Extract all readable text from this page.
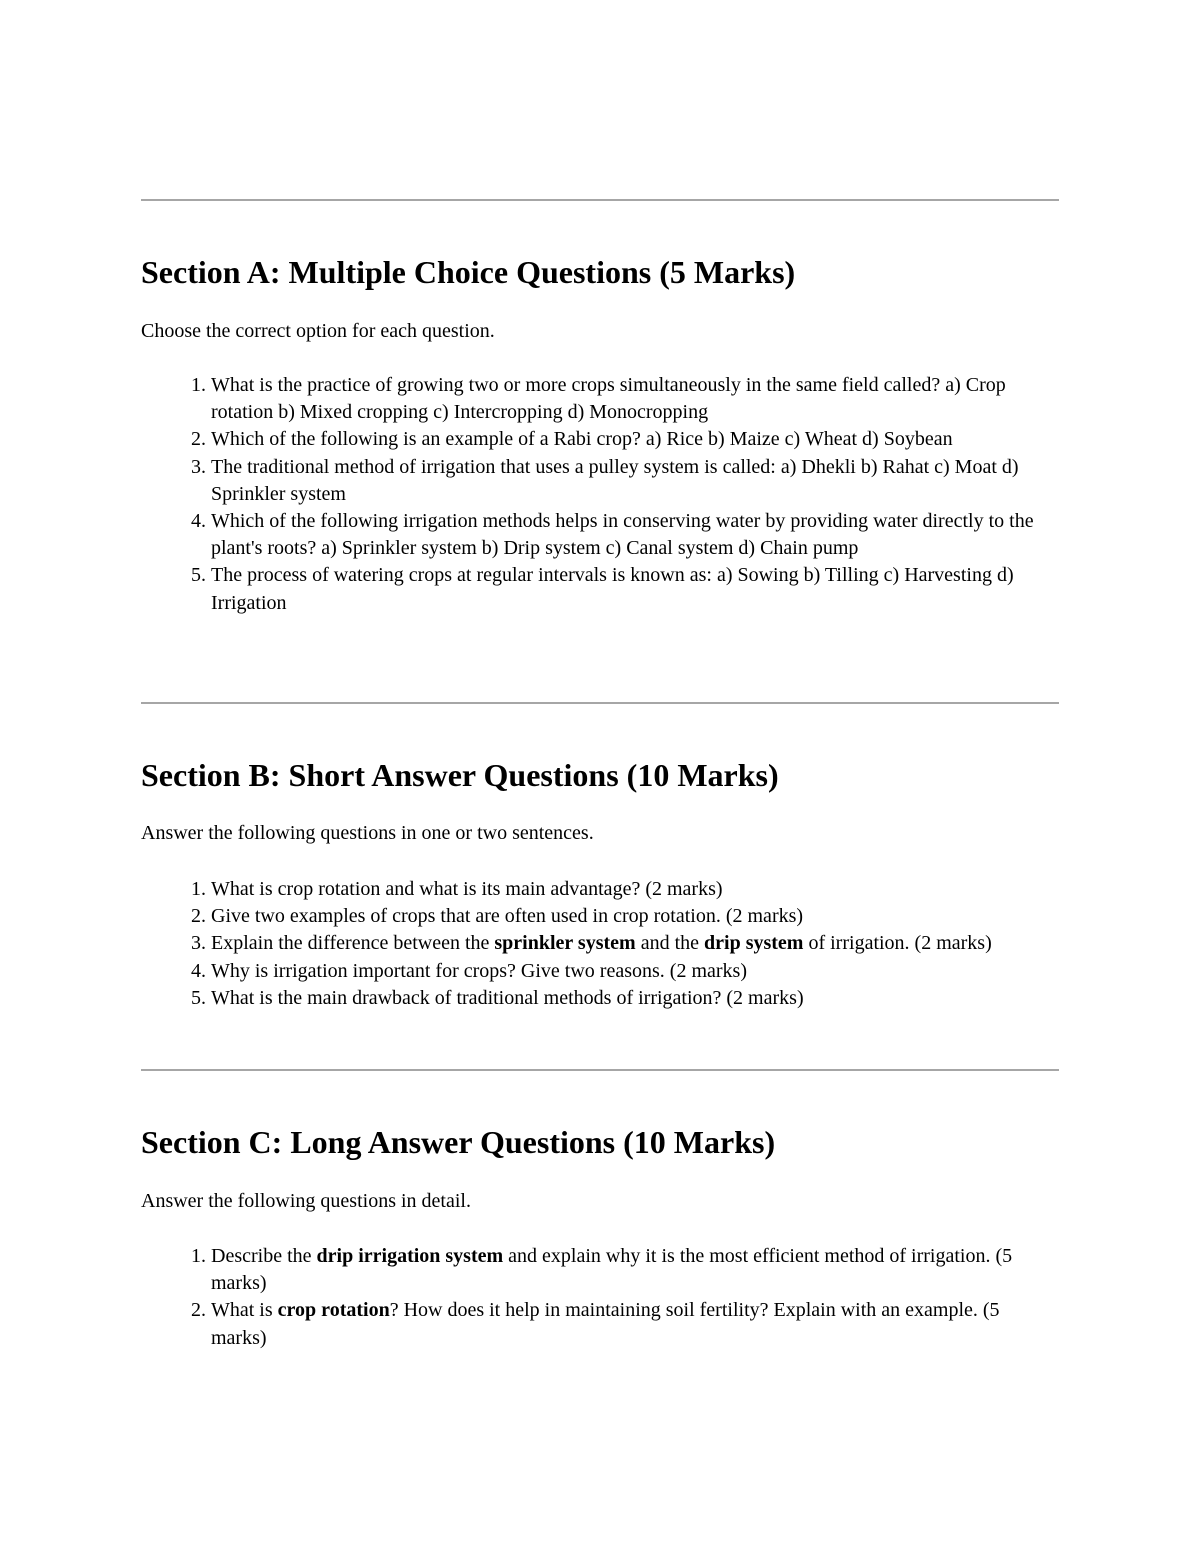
Section A: Multiple Choice Questions (5 Marks)

Choose the correct option for each question.

1. What is the practice of growing two or more crops simultaneously in the same field called? a) Crop rotation b) Mixed cropping c) Intercropping d) Monocropping
2. Which of the following is an example of a Rabi crop? a) Rice b) Maize c) Wheat d) Soybean
3. The traditional method of irrigation that uses a pulley system is called: a) Dhekli b) Rahat c) Moat d) Sprinkler system
4. Which of the following irrigation methods helps in conserving water by providing water directly to the plant's roots? a) Sprinkler system b) Drip system c) Canal system d) Chain pump
5. The process of watering crops at regular intervals is known as: a) Sowing b) Tilling c) Harvesting d) Irrigation
Section B: Short Answer Questions (10 Marks)

Answer the following questions in one or two sentences.

1. What is crop rotation and what is its main advantage? (2 marks)
2. Give two examples of crops that are often used in crop rotation. (2 marks)
3. Explain the difference between the sprinkler system and the drip system of irrigation. (2 marks)
4. Why is irrigation important for crops? Give two reasons. (2 marks)
5. What is the main drawback of traditional methods of irrigation? (2 marks)
Section C: Long Answer Questions (10 Marks)

Answer the following questions in detail.

1. Describe the drip irrigation system and explain why it is the most efficient method of irrigation. (5 marks)
2. What is crop rotation? How does it help in maintaining soil fertility? Explain with an example. (5 marks)
